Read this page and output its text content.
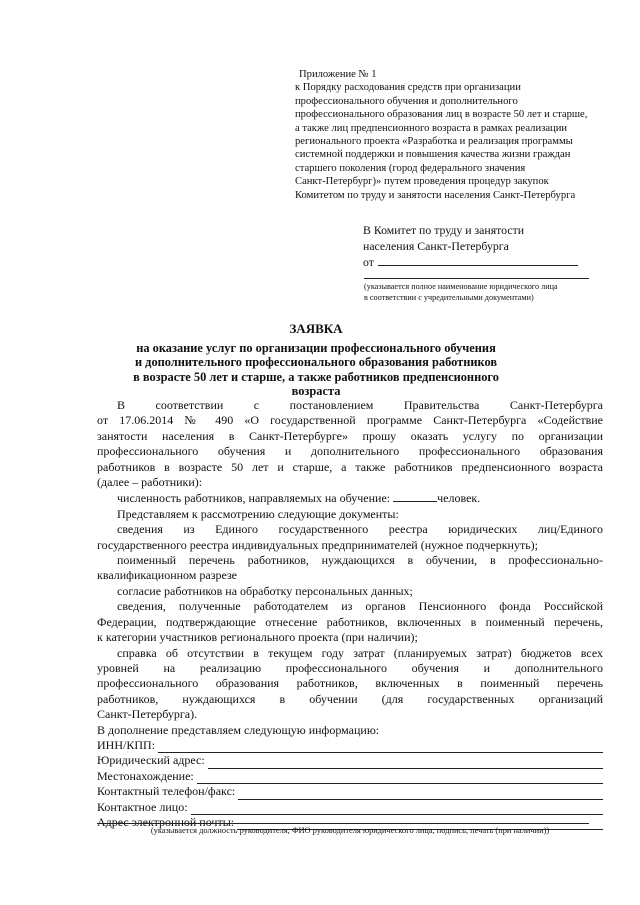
Приложение № 1
к Порядку расходования средств при организации
профессионального обучения и дополнительного
профессионального образования лиц в возрасте 50 лет и старше,
а также лиц предпенсионного возраста в рамках реализации
регионального проекта «Разработка и реализация программы
системной поддержки и повышения качества жизни граждан
старшего поколения (город федерального значения
Санкт-Петербург)» путем проведения процедур закупок
Комитетом по труду и занятости населения Санкт-Петербурга
В Комитет по труду и занятости
населения Санкт-Петербурга
от
(указывается полное наименование юридического лица
в соответствии с учредительными документами)
ЗАЯВКА
на оказание услуг по организации профессионального обучения
и дополнительного профессионального образования работников
в возрасте 50 лет и старше, а также работников предпенсионного
возраста

В соответствии с постановлением Правительства Санкт-Петербурга

от 17.06.2014 № 490 «О государственной программе Санкт-Петербурга «Содействие

занятости населения в Санкт-Петербурге» прошу оказать услугу по организации

профессионального обучения и дополнительного профессионального образования

работников в возрасте 50 лет и старше, а также работников предпенсионного возраста

(далее – работники):

численность работников, направляемых на обучение:	человек.

Представляем к рассмотрению следующие документы:

сведения из Единого государственного реестра юридических лиц/Единого

государственного реестра индивидуальных предпринимателей (нужное подчеркнуть);

поименный перечень работников, нуждающихся в обучении, в профессионально-

квалификационном разрезе

согласие работников на обработку персональных данных;

сведения, полученные работодателем из органов Пенсионного фонда Российской

Федерации, подтверждающие отнесение работников, включенных в поименный перечень,

к категории участников регионального проекта (при наличии);

справка об отсутствии в текущем году затрат (планируемых затрат) бюджетов всех

уровней на реализацию профессионального обучения и дополнительного

профессионального образования работников, включенных в поименный перечень

работников, нуждающихся в обучении (для государственных организаций

Санкт-Петербурга).

В дополнение представляем следующую информацию:

ИНН/КПП:
Юридический адрес:
Местонахождение:
Контактный телефон/факс:
Контактное лицо:
Адрес электронной почты:
(указывается должность руководителя, ФИО руководителя юридического лица, подпись, печать (при наличии))
